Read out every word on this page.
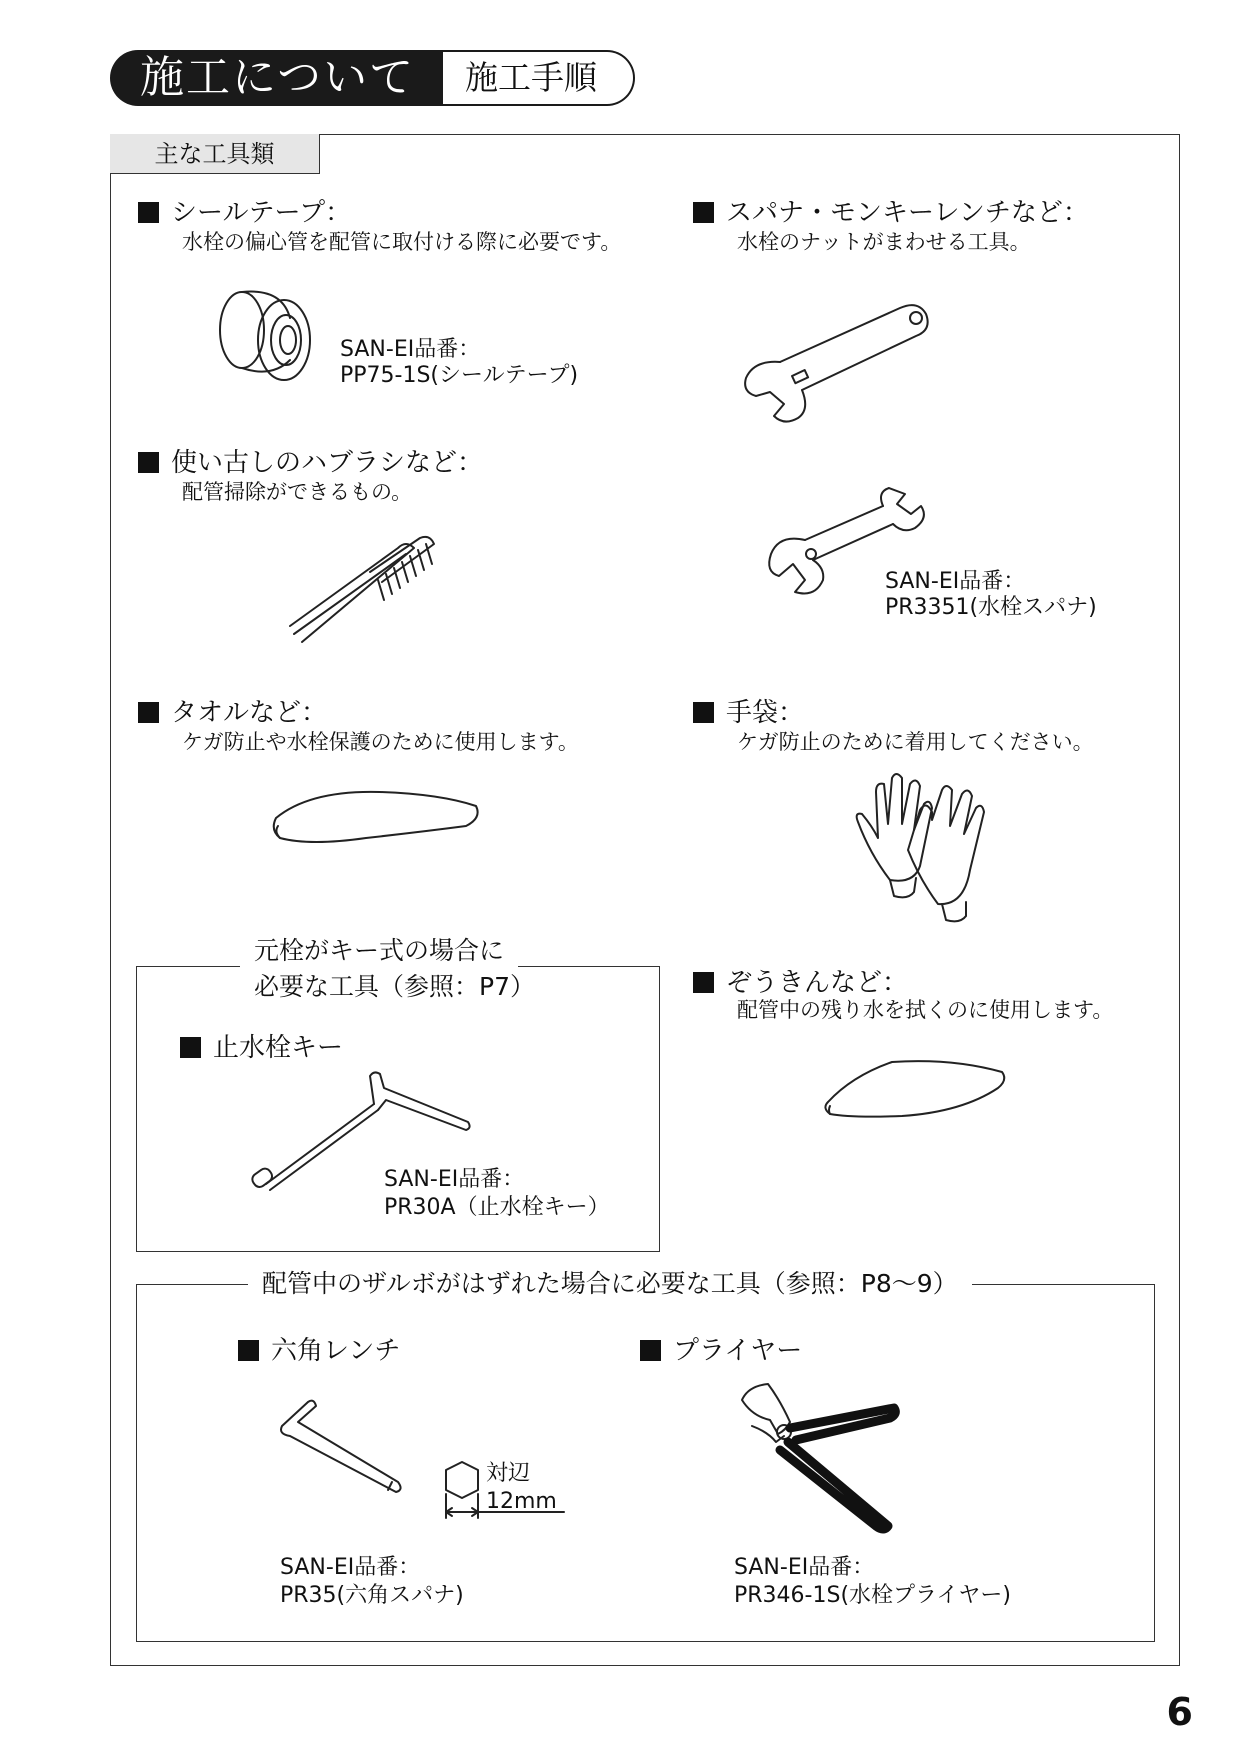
施工について	施工手順
主な工具類
シールテープ：
水栓の偏心管を配管に取付ける際に必要です。
SAN-EI品番：
PP75-1S(シールテープ)
スパナ・モンキーレンチなど：
水栓のナットがまわせる工具。
SAN-EI品番：
PR3351(水栓スパナ)
使い古しのハブラシなど：
配管掃除ができるもの。
タオルなど：
ケガ防止や水栓保護のために使用します。
手袋：
ケガ防止のために着用してください。
元栓がキー式の場合に
必要な工具（参照：P7）
止水栓キー
SAN-EI品番：
PR30A（止水栓キー）
ぞうきんなど：
配管中の残り水を拭くのに使用します。
配管中のザルボがはずれた場合に必要な工具（参照：P8～9）
六角レンチ
対辺
12mm
SAN-EI品番：
PR35(六角スパナ)
プライヤー
SAN-EI品番：
PR346-1S(水栓プライヤー)
6
